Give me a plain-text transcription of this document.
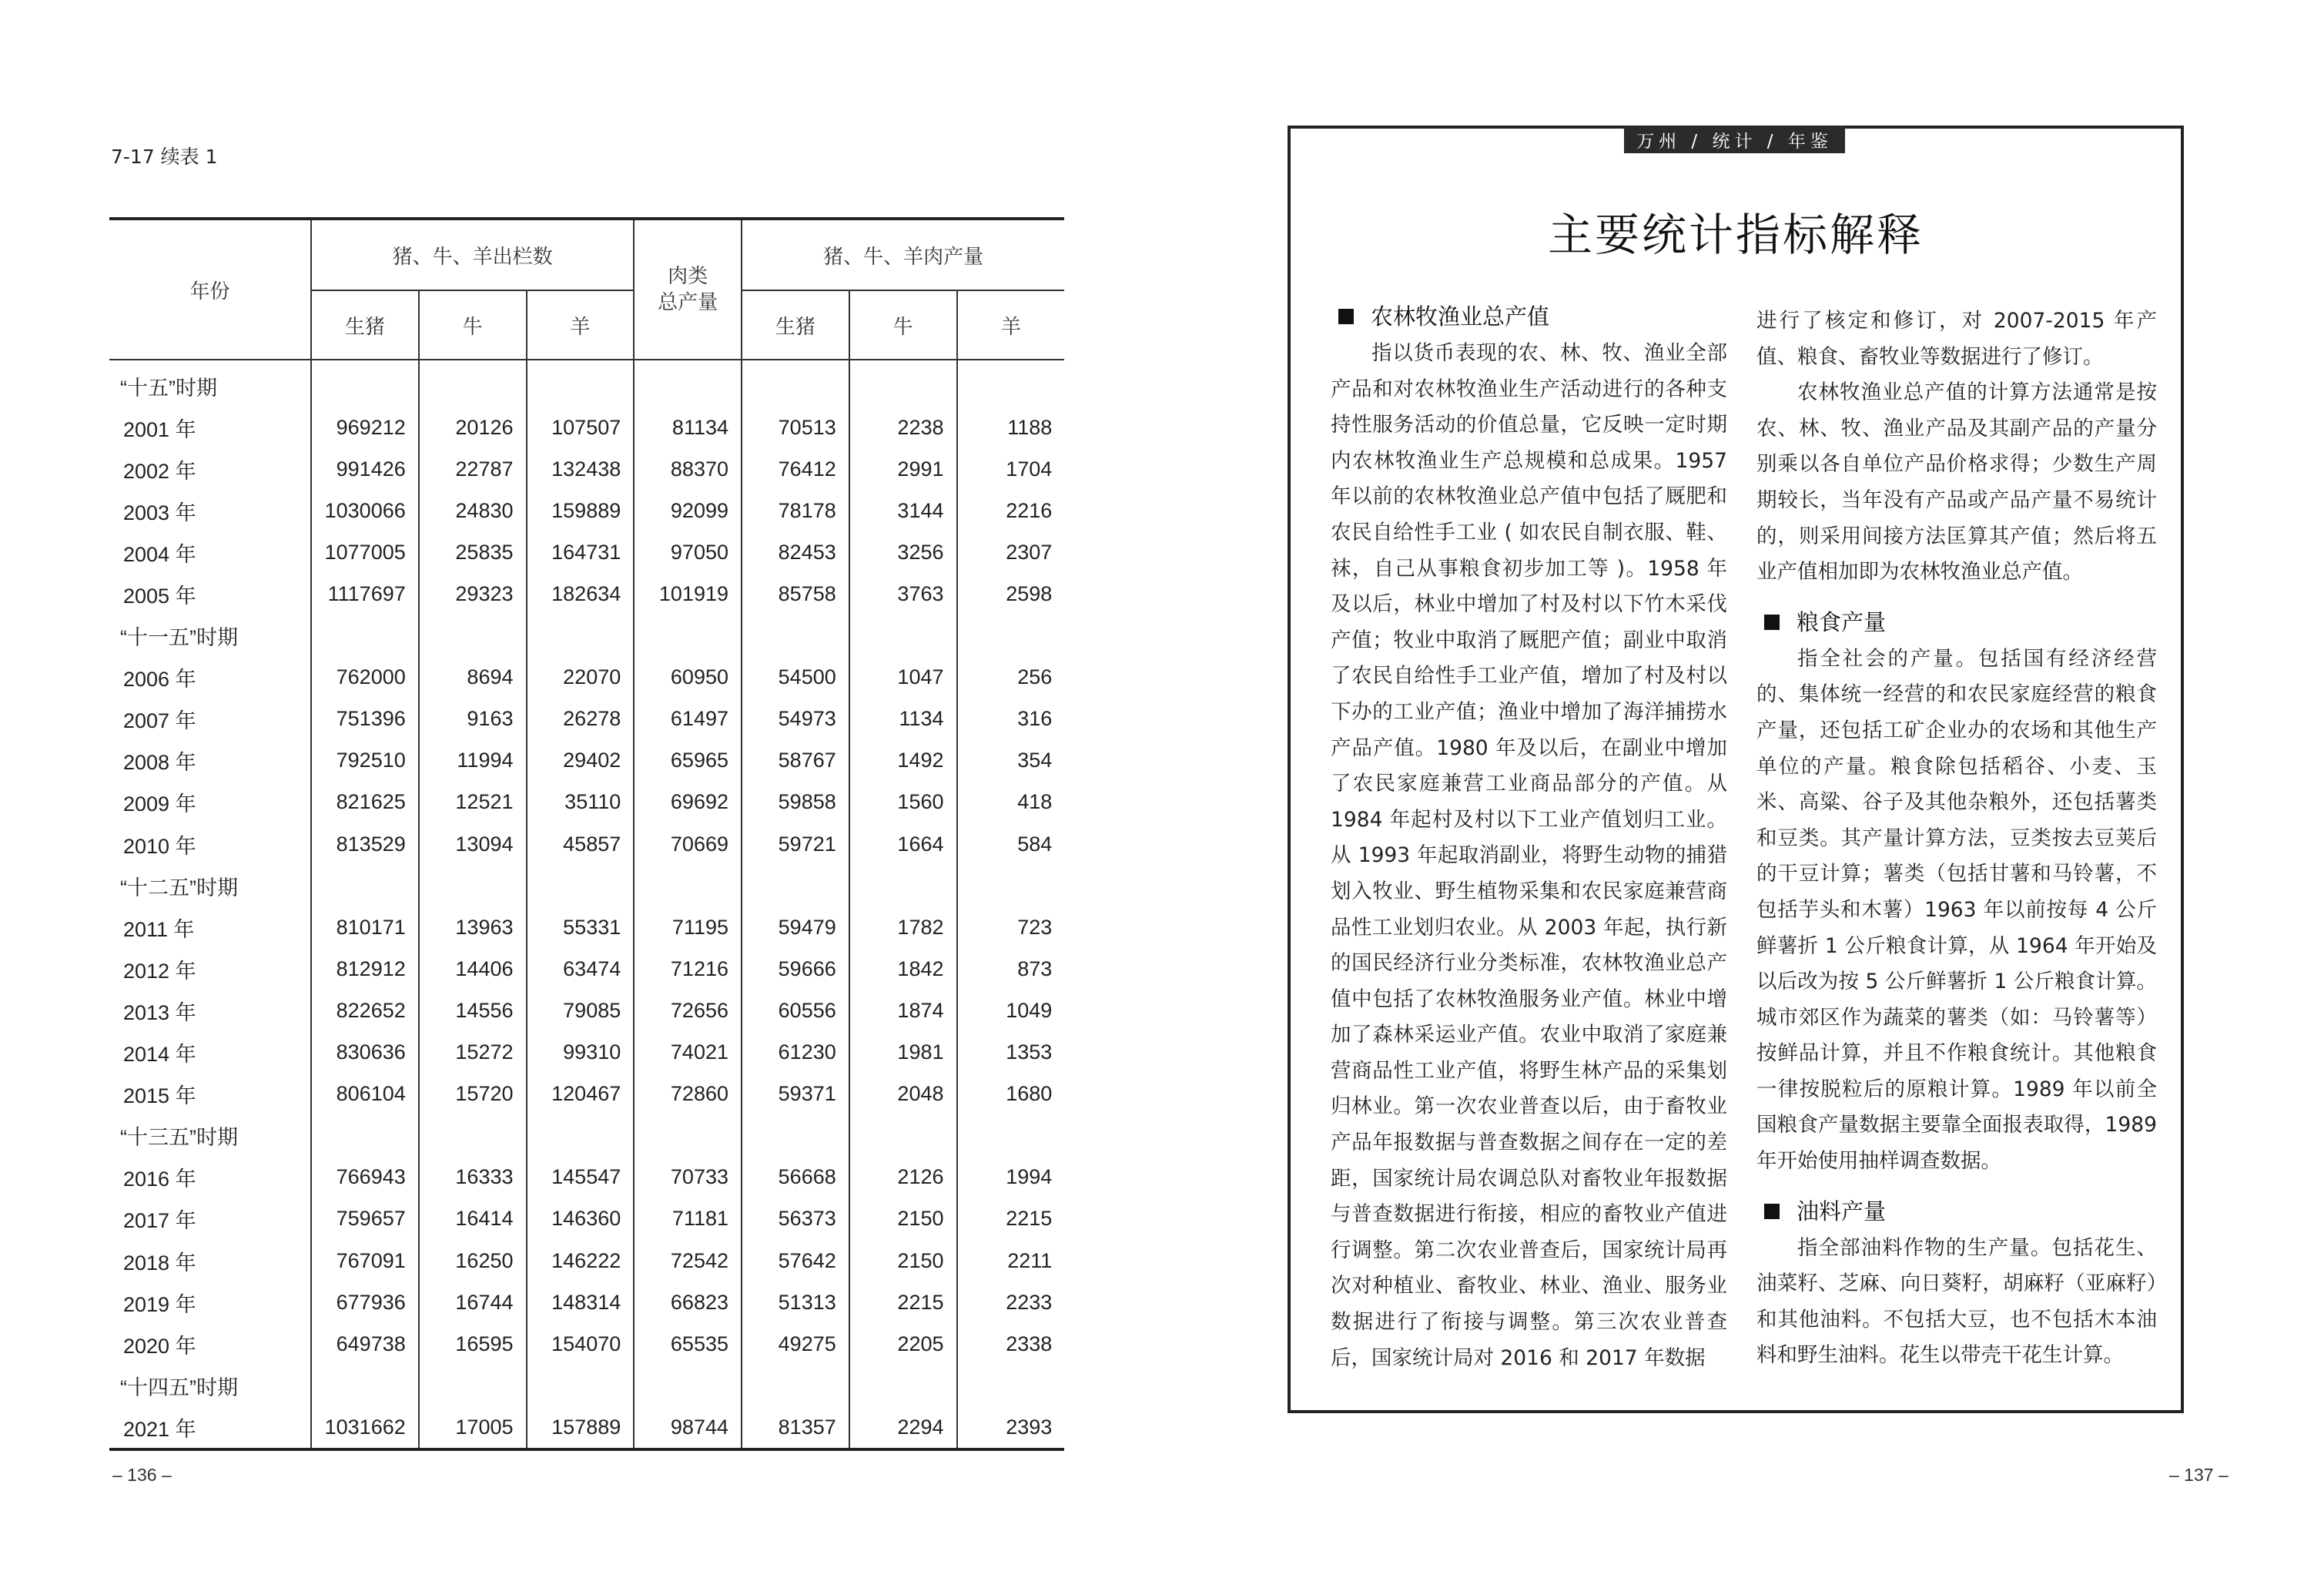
7-17 续表 1
年份	猪、牛、羊出栏数			肉类
总产量	猪、牛、羊肉产量		
	生猪	牛	羊		生猪	牛	羊
“十五”时期							
2001 年	969212	20126	107507	81134	70513	2238	1188
2002 年	991426	22787	132438	88370	76412	2991	1704
2003 年	1030066	24830	159889	92099	78178	3144	2216
2004 年	1077005	25835	164731	97050	82453	3256	2307
2005 年	1117697	29323	182634	101919	85758	3763	2598
“十一五”时期							
2006 年	762000	8694	22070	60950	54500	1047	256
2007 年	751396	9163	26278	61497	54973	1134	316
2008 年	792510	11994	29402	65965	58767	1492	354
2009 年	821625	12521	35110	69692	59858	1560	418
2010 年	813529	13094	45857	70669	59721	1664	584
“十二五”时期							
2011 年	810171	13963	55331	71195	59479	1782	723
2012 年	812912	14406	63474	71216	59666	1842	873
2013 年	822652	14556	79085	72656	60556	1874	1049
2014 年	830636	15272	99310	74021	61230	1981	1353
2015 年	806104	15720	120467	72860	59371	2048	1680
“十三五”时期							
2016 年	766943	16333	145547	70733	56668	2126	1994
2017 年	759657	16414	146360	71181	56373	2150	2215
2018 年	767091	16250	146222	72542	57642	2150	2211
2019 年	677936	16744	148314	66823	51313	2215	2233
2020 年	649738	16595	154070	65535	49275	2205	2338
“十四五”时期							
2021 年	1031662	17005	157889	98744	81357	2294	2393
– 136 –
万州 / 统计 / 年鉴
主要统计指标解释
农林牧渔业总产值

指以货币表现的农、林、牧、渔业全部产品和对农林牧渔业生产活动进行的各种支持性服务活动的价值总量，它反映一定时期内农林牧渔业生产总规模和总成果。1957 年以前的农林牧渔业总产值中包括了厩肥和农民自给性手工业 ( 如农民自制衣服、鞋、袜，自己从事粮食初步加工等 )。1958 年及以后，林业中增加了村及村以下竹木采伐产值；牧业中取消了厩肥产值；副业中取消了农民自给性手工业产值，增加了村及村以下办的工业产值；渔业中增加了海洋捕捞水产品产值。1980 年及以后，在副业中增加了农民家庭兼营工业商品部分的产值。从 1984 年起村及村以下工业产值划归工业。从 1993 年起取消副业，将野生动物的捕猎划入牧业、野生植物采集和农民家庭兼营商品性工业划归农业。从 2003 年起，执行新的国民经济行业分类标准，农林牧渔业总产值中包括了农林牧渔服务业产值。林业中增加了森林采运业产值。农业中取消了家庭兼营商品性工业产值，将野生林产品的采集划归林业。第一次农业普查以后，由于畜牧业产品年报数据与普查数据之间存在一定的差距，国家统计局农调总队对畜牧业年报数据与普查数据进行衔接，相应的畜牧业产值进行调整。第二次农业普查后，国家统计局再次对种植业、畜牧业、林业、渔业、服务业数据进行了衔接与调整。第三次农业普查后，国家统计局对 2016 和 2017 年数据

进行了核定和修订，对 2007-2015 年产值、粮食、畜牧业等数据进行了修订。

农林牧渔业总产值的计算方法通常是按农、林、牧、渔业产品及其副产品的产量分别乘以各自单位产品价格求得；少数生产周期较长，当年没有产品或产品产量不易统计的，则采用间接方法匡算其产值；然后将五业产值相加即为农林牧渔业总产值。

粮食产量

指全社会的产量。包括国有经济经营的、集体统一经营的和农民家庭经营的粮食产量，还包括工矿企业办的农场和其他生产单位的产量。粮食除包括稻谷、小麦、玉米、高粱、谷子及其他杂粮外，还包括薯类和豆类。其产量计算方法，豆类按去豆荚后的干豆计算；薯类（包括甘薯和马铃薯，不包括芋头和木薯）1963 年以前按每 4 公斤鲜薯折 1 公斤粮食计算，从 1964 年开始及以后改为按 5 公斤鲜薯折 1 公斤粮食计算。城市郊区作为蔬菜的薯类（如：马铃薯等）按鲜品计算，并且不作粮食统计。其他粮食一律按脱粒后的原粮计算。1989 年以前全国粮食产量数据主要靠全面报表取得，1989 年开始使用抽样调查数据。

油料产量

指全部油料作物的生产量。包括花生、油菜籽、芝麻、向日葵籽，胡麻籽（亚麻籽）和其他油料。不包括大豆，也不包括木本油料和野生油料。花生以带壳干花生计算。

– 137 –
